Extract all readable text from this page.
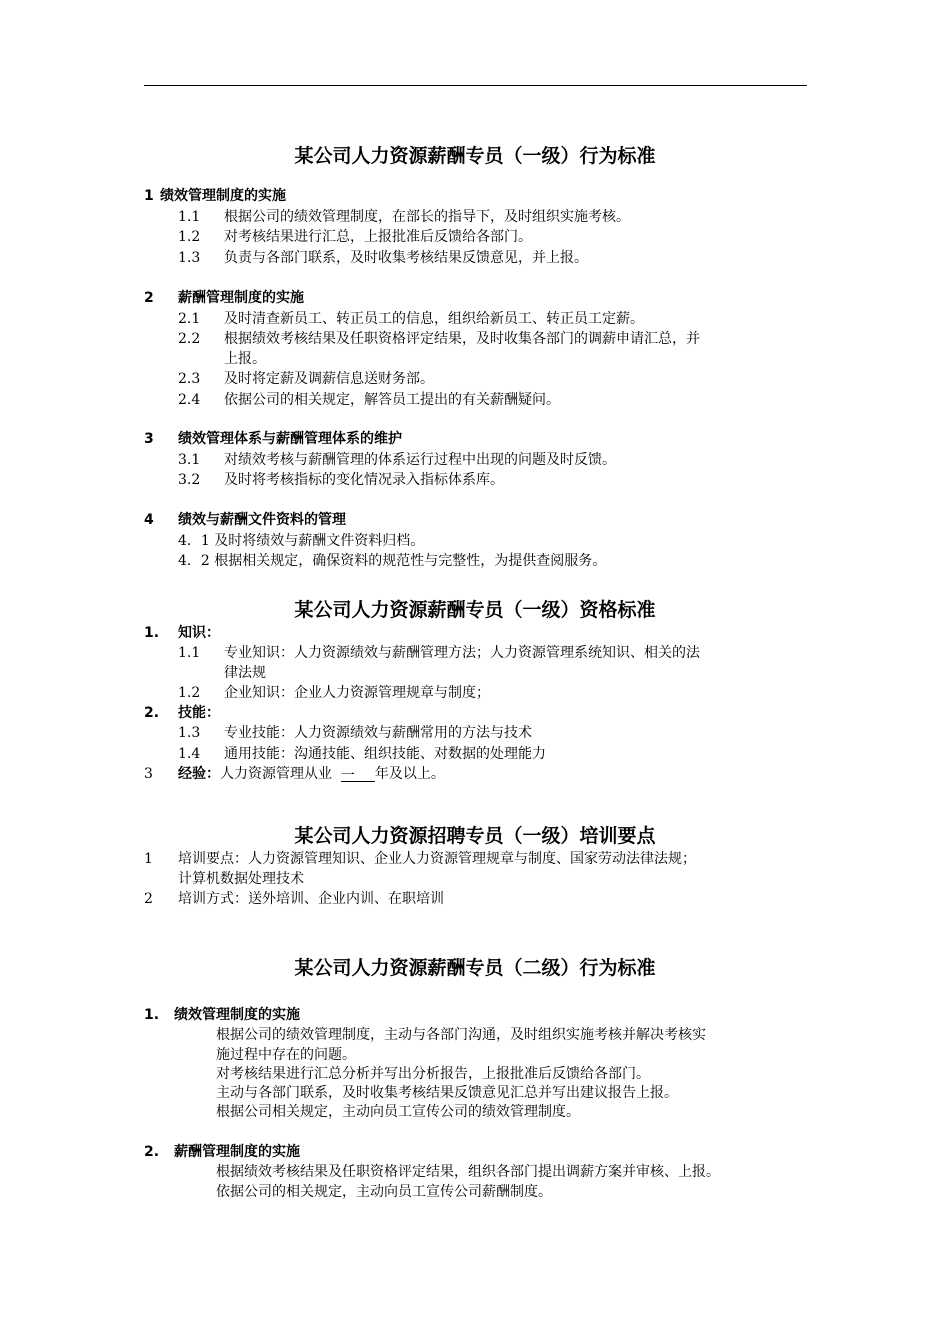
某公司人力资源薪酬专员（一级）行为标准
1 绩效管理制度的实施
1.1 根据公司的绩效管理制度，在部长的指导下，及时组织实施考核。
1.2 对考核结果进行汇总，上报批准后反馈给各部门。
1.3 负责与各部门联系，及时收集考核结果反馈意见，并上报。
2 薪酬管理制度的实施
2.1 及时清查新员工、转正员工的信息，组织给新员工、转正员工定薪。
2.2 根据绩效考核结果及任职资格评定结果，及时收集各部门的调薪申请汇总，并
上报。
2.3 及时将定薪及调薪信息送财务部。
2.4 依据公司的相关规定，解答员工提出的有关薪酬疑问。
3 绩效管理体系与薪酬管理体系的维护
3.1 对绩效考核与薪酬管理的体系运行过程中出现的问题及时反馈。
3.2 及时将考核指标的变化情况录入指标体系库。
4 绩效与薪酬文件资料的管理
4．1 及时将绩效与薪酬文件资料归档。
4．2 根据相关规定，确保资料的规范性与完整性，为提供查阅服务。
某公司人力资源薪酬专员（一级）资格标准
1. 知识：
1.1 专业知识：人力资源绩效与薪酬管理方法；人力资源管理系统知识、相关的法
律法规
1.2 企业知识：企业人力资源管理规章与制度；
2. 技能：
1.3 专业技能：人力资源绩效与薪酬常用的方法与技术
1.4 通用技能：沟通技能、组织技能、对数据的处理能力
3 经验：人力资源管理从业 一 年及以上。
某公司人力资源招聘专员（一级）培训要点
1 培训要点：人力资源管理知识、企业人力资源管理规章与制度、国家劳动法律法规；
计算机数据处理技术
2 培训方式：送外培训、企业内训、在职培训
某公司人力资源薪酬专员（二级）行为标准
1. 绩效管理制度的实施
根据公司的绩效管理制度，主动与各部门沟通，及时组织实施考核并解决考核实
施过程中存在的问题。
对考核结果进行汇总分析并写出分析报告，上报批准后反馈给各部门。
主动与各部门联系，及时收集考核结果反馈意见汇总并写出建议报告上报。
根据公司相关规定，主动向员工宣传公司的绩效管理制度。
2. 薪酬管理制度的实施
根据绩效考核结果及任职资格评定结果，组织各部门提出调薪方案并审核、上报。
依据公司的相关规定，主动向员工宣传公司薪酬制度。
